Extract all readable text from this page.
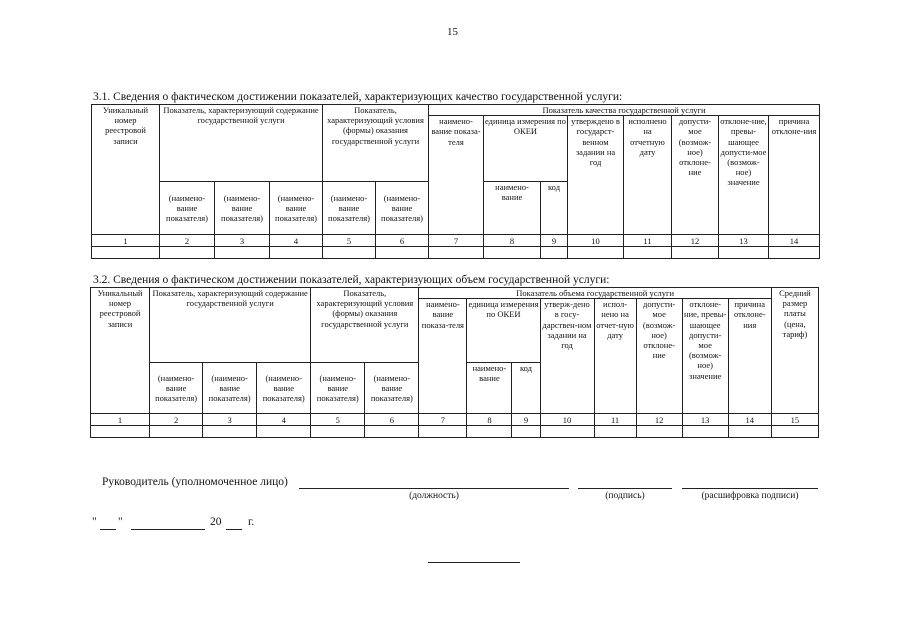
15
3.1. Сведения о фактическом достижении показателей, характеризующих качество государственной услуги:
Уникальный номер реестровой записи	Показатель, характеризующий содержание государственной услуги			Показатель, характеризующий условия (формы) оказания государственной услуги		Показатель качества государственной услуги							
						наимено-вание показа-теля	единица измерения по ОКЕИ		утверждено в государст-венном задании на год	исполнено на отчетную дату	допусти-мое (возмож-ное) отклоне-ние	отклоне-ние, превы-шающее допусти-мое (возмож-ное) значение	причина отклоне-ния
	(наимено-вание показателя)	(наимено-вание показателя)	(наимено-вание показателя)	(наимено-вание показателя)	(наимено-вание показателя)		наимено-вание	код					
1	2	3	4	5	6	7	8	9	10	11	12	13	14

3.2. Сведения о фактическом достижении показателей, характеризующих объем государственной услуги:
Уникальный номер реестровой записи	Показатель, характеризующий содержание государственной услуги			Показатель, характеризующий условия (формы) оказания государственной услуги		Показатель объема государственной услуги								Средний размер платы (цена, тариф)
						наимено-вание показа-теля	единица измерения по ОКЕИ		утверж-дено в госу-дарствен-ном задании на год	испол-нено на отчет-ную дату	допусти-мое (возмож-ное) отклоне-ние	отклоне-ние, превы-шающее допусти-мое (возмож-ное) значение	причина отклоне-ния	
	(наимено-вание показателя)	(наимено-вание показателя)	(наимено-вание показателя)	(наимено-вание показателя)	(наимено-вание показателя)		наимено-вание	код						
1	2	3	4	5	6	7	8	9	10	11	12	13	14	15

Руководитель (уполномоченное лицо)
(должность)	(подпись)	(расшифровка подписи)
" "	20 г.
